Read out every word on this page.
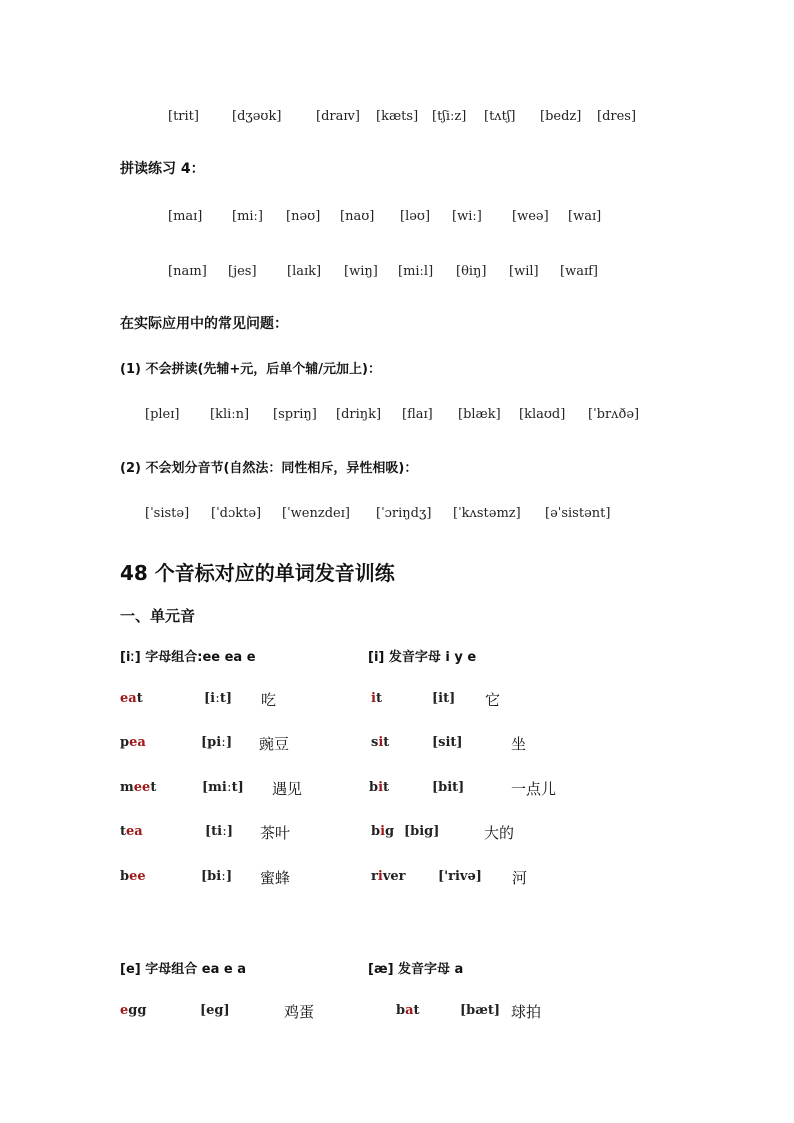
[trit]	[dʒəʊk]	[draɪv] [kæts] [tʃiːz] [tʌtʃ] [bedz] [dres]
拼读练习 4：
[maɪ] [miː] [nəʊ] [naʊ] [ləʊ] [wiː] [weə] [waɪ]
[naɪn] [jes] [laɪk] [wiŋ] [miːl] [θiŋ] [wil] [waɪf]
在实际应用中的常见问题：
(1) 不会拼读(先辅+元，后单个辅/元加上)：
[pleɪ] [kliːn] [spriŋ] [driŋk] [flaɪ] [blæk] [klaʊd] [ˈbrʌðə]
(2) 不会划分音节(自然法：同性相斥，异性相吸)：
[ˈsistə] [ˈdɔktə] [ˈwenzdeɪ] [ˈɔriŋdʒ] [ˈkʌstəmz] [əˈsistənt]
48 个音标对应的单词发音训练
一、单元音
[iː] 字母组合:ee ea e	[i] 发音字母 i y e
eat	[iːt] 吃
pea	[piː] 豌豆
meet	[miːt] 遇见
tea	[tiː] 茶叶
bee	[biː] 蜜蜂
it	[it] 它
sit	[sit]	坐
bit	[bit]	一点儿
big [big]	大的
river	['rivə] 河
[e] 字母组合 ea e a	[æ] 发音字母 a
egg	[eg]	鸡蛋	bat	[bæt] 球拍
